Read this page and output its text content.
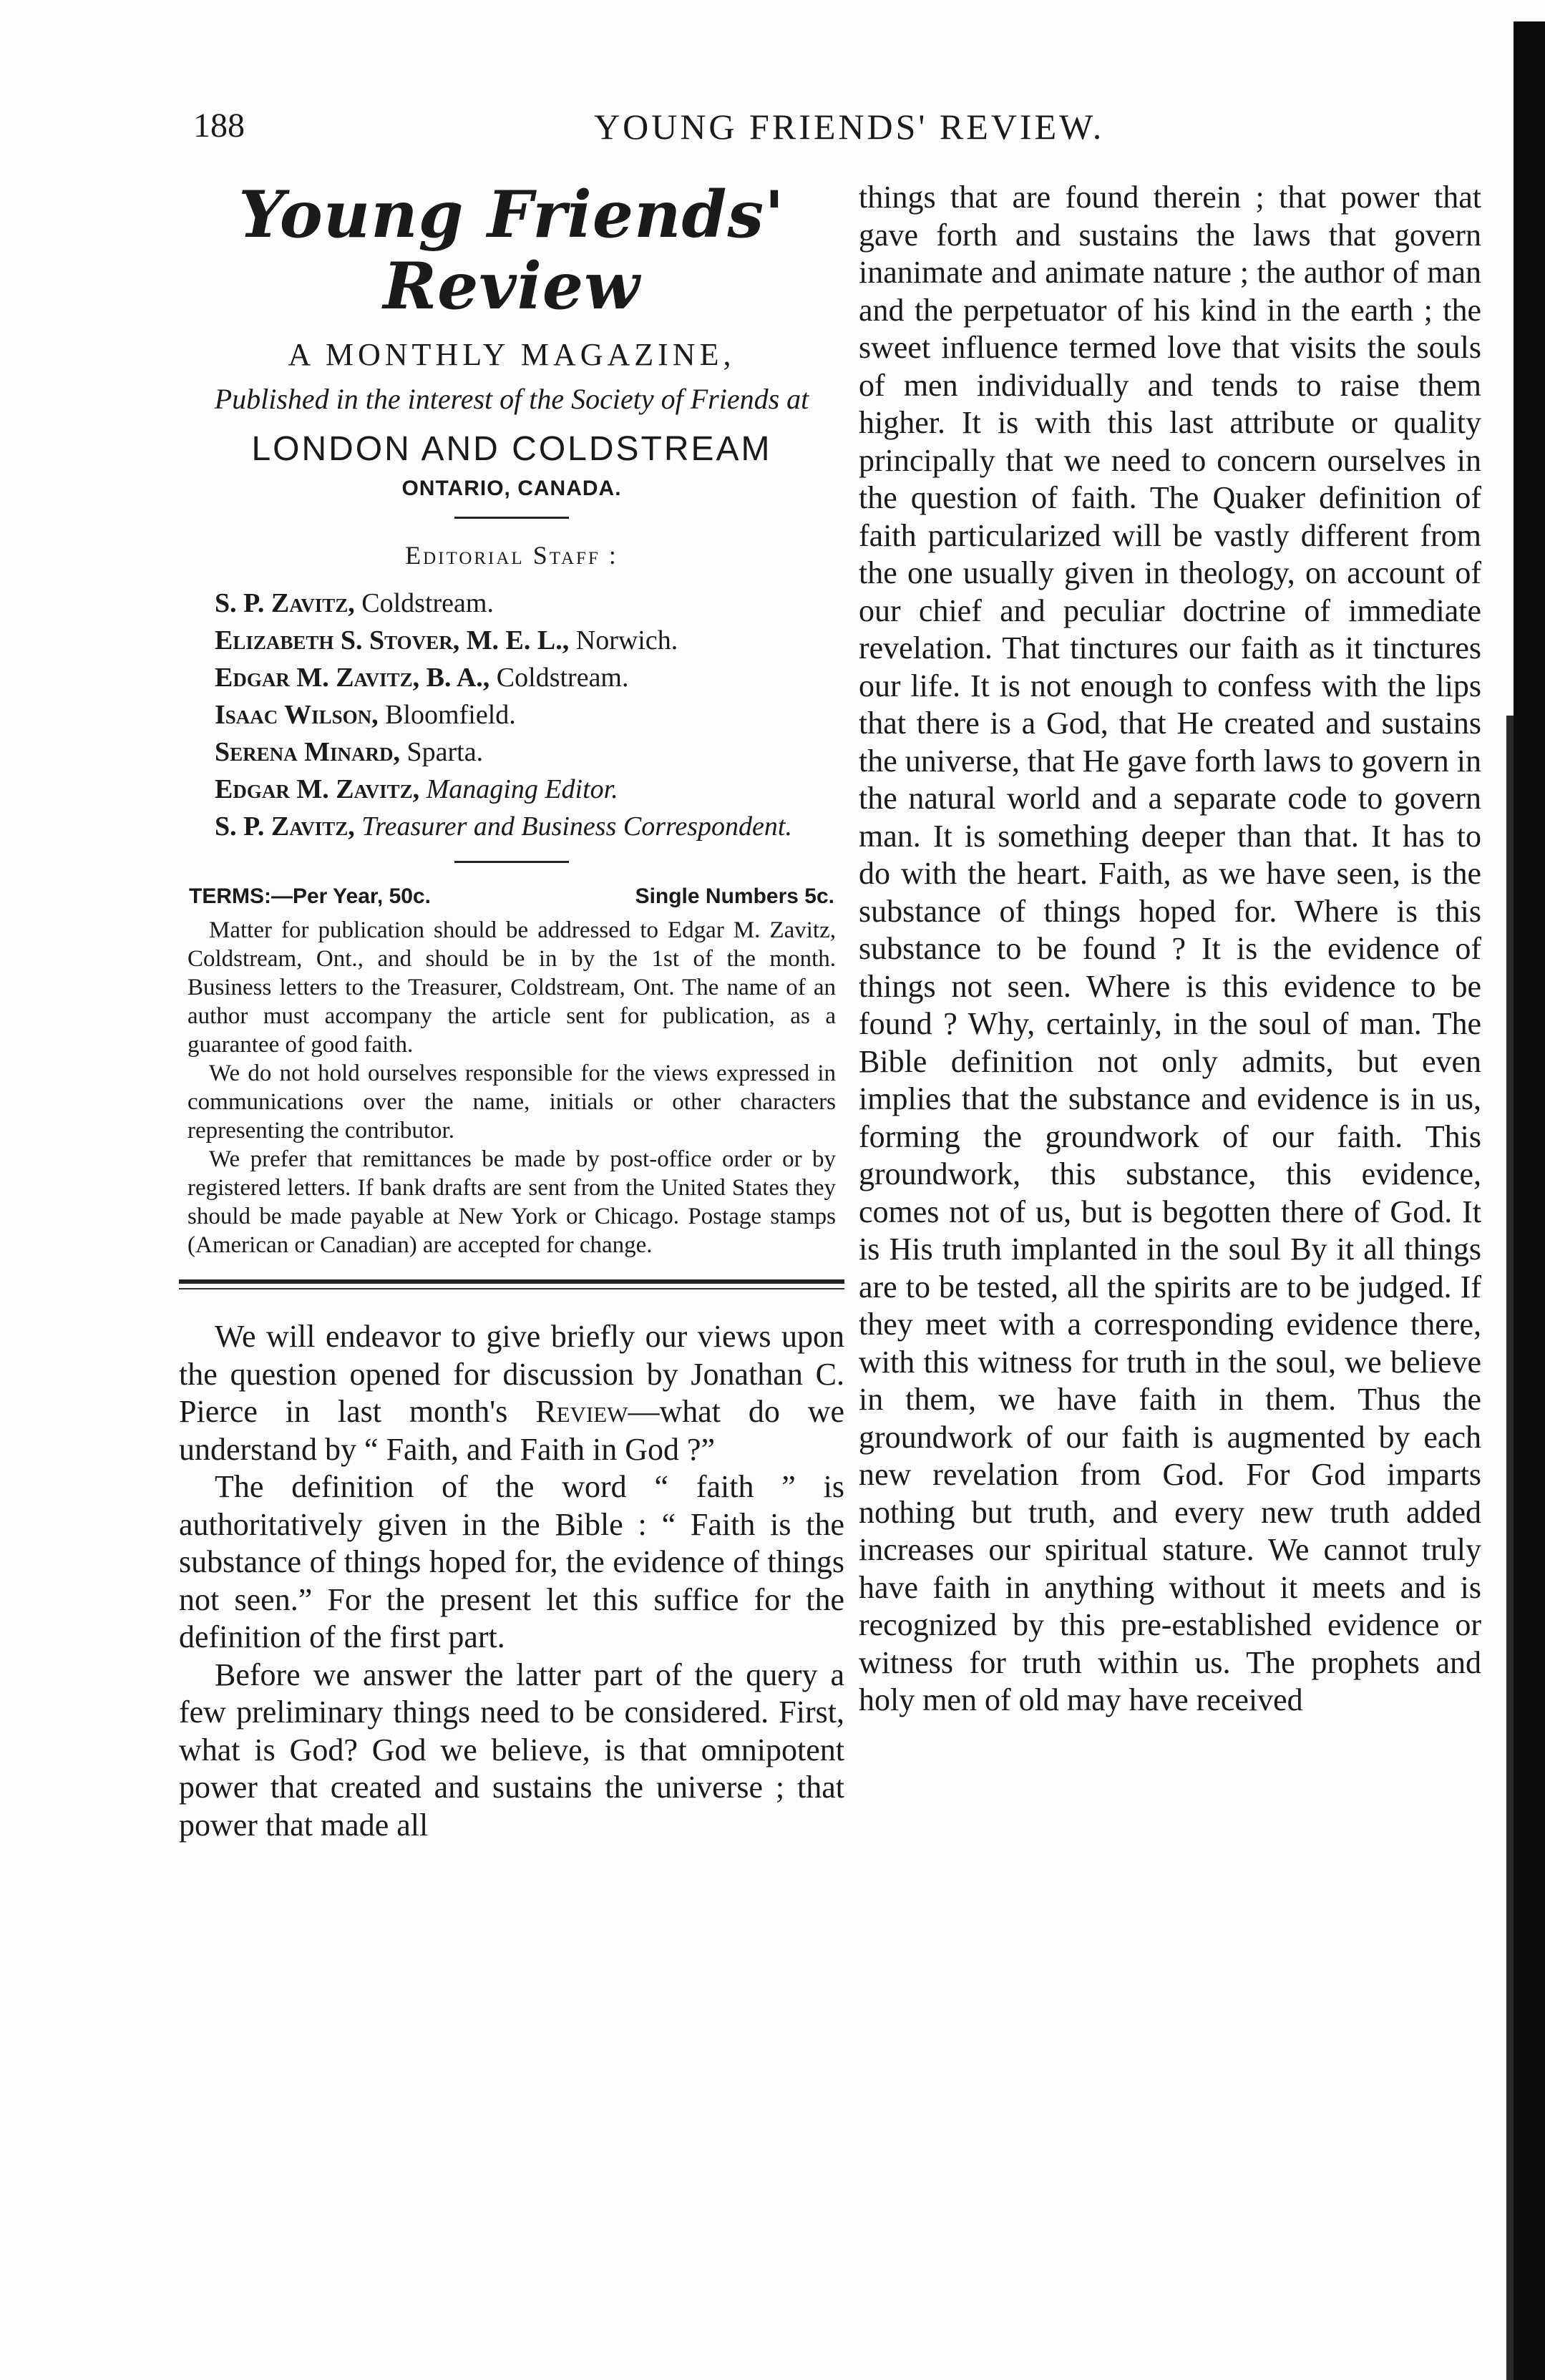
188	YOUNG FRIENDS' REVIEW.
Young Friends' Review
A MONTHLY MAGAZINE,
Published in the interest of the Society of Friends at
LONDON AND COLDSTREAM
ONTARIO, CANADA.
Editorial Staff :
S. P. Zavitz, Coldstream.
Elizabeth S. Stover, M. E. L., Norwich.
Edgar M. Zavitz, B. A., Coldstream.
Isaac Wilson, Bloomfield.
Serena Minard, Sparta.
Edgar M. Zavitz, Managing Editor.
S. P. Zavitz, Treasurer and Business Correspondent.
TERMS:—Per Year, 50c.	Single Numbers 5c.

Matter for publication should be addressed to Edgar M. Zavitz, Coldstream, Ont., and should be in by the 1st of the month. Business letters to the Treasurer, Coldstream, Ont. The name of an author must accompany the article sent for publication, as a guarantee of good faith.

We do not hold ourselves responsible for the views expressed in communications over the name, initials or other characters representing the contributor.

We prefer that remittances be made by post-office order or by registered letters. If bank drafts are sent from the United States they should be made payable at New York or Chicago. Postage stamps (American or Canadian) are accepted for change.

We will endeavor to give briefly our views upon the question opened for discussion by Jonathan C. Pierce in last month's Review—what do we understand by “ Faith, and Faith in God ?”

The definition of the word “ faith ” is authoritatively given in the Bible : “ Faith is the substance of things hoped for, the evidence of things not seen.” For the present let this suffice for the definition of the first part.

Before we answer the latter part of the query a few preliminary things need to be considered. First, what is God? God we believe, is that omnipotent power that created and sustains the universe ; that power that made all

things that are found therein ; that power that gave forth and sustains the laws that govern inanimate and animate nature ; the author of man and the perpetuator of his kind in the earth ; the sweet influence termed love that visits the souls of men individually and tends to raise them higher. It is with this last attribute or quality principally that we need to concern ourselves in the question of faith. The Quaker definition of faith particularized will be vastly different from the one usually given in theology, on account of our chief and peculiar doctrine of immediate revelation. That tinctures our faith as it tinctures our life. It is not enough to confess with the lips that there is a God, that He created and sustains the universe, that He gave forth laws to govern in the natural world and a separate code to govern man. It is something deeper than that. It has to do with the heart. Faith, as we have seen, is the substance of things hoped for. Where is this substance to be found ? It is the evidence of things not seen. Where is this evidence to be found ? Why, certainly, in the soul of man. The Bible definition not only admits, but even implies that the substance and evidence is in us, forming the groundwork of our faith. This groundwork, this substance, this evidence, comes not of us, but is begotten there of God. It is His truth implanted in the soul By it all things are to be tested, all the spirits are to be judged. If they meet with a corresponding evidence there, with this witness for truth in the soul, we believe in them, we have faith in them. Thus the groundwork of our faith is augmented by each new revelation from God. For God imparts nothing but truth, and every new truth added increases our spiritual stature. We cannot truly have faith in anything without it meets and is recognized by this pre-established evidence or witness for truth within us. The prophets and holy men of old may have received
